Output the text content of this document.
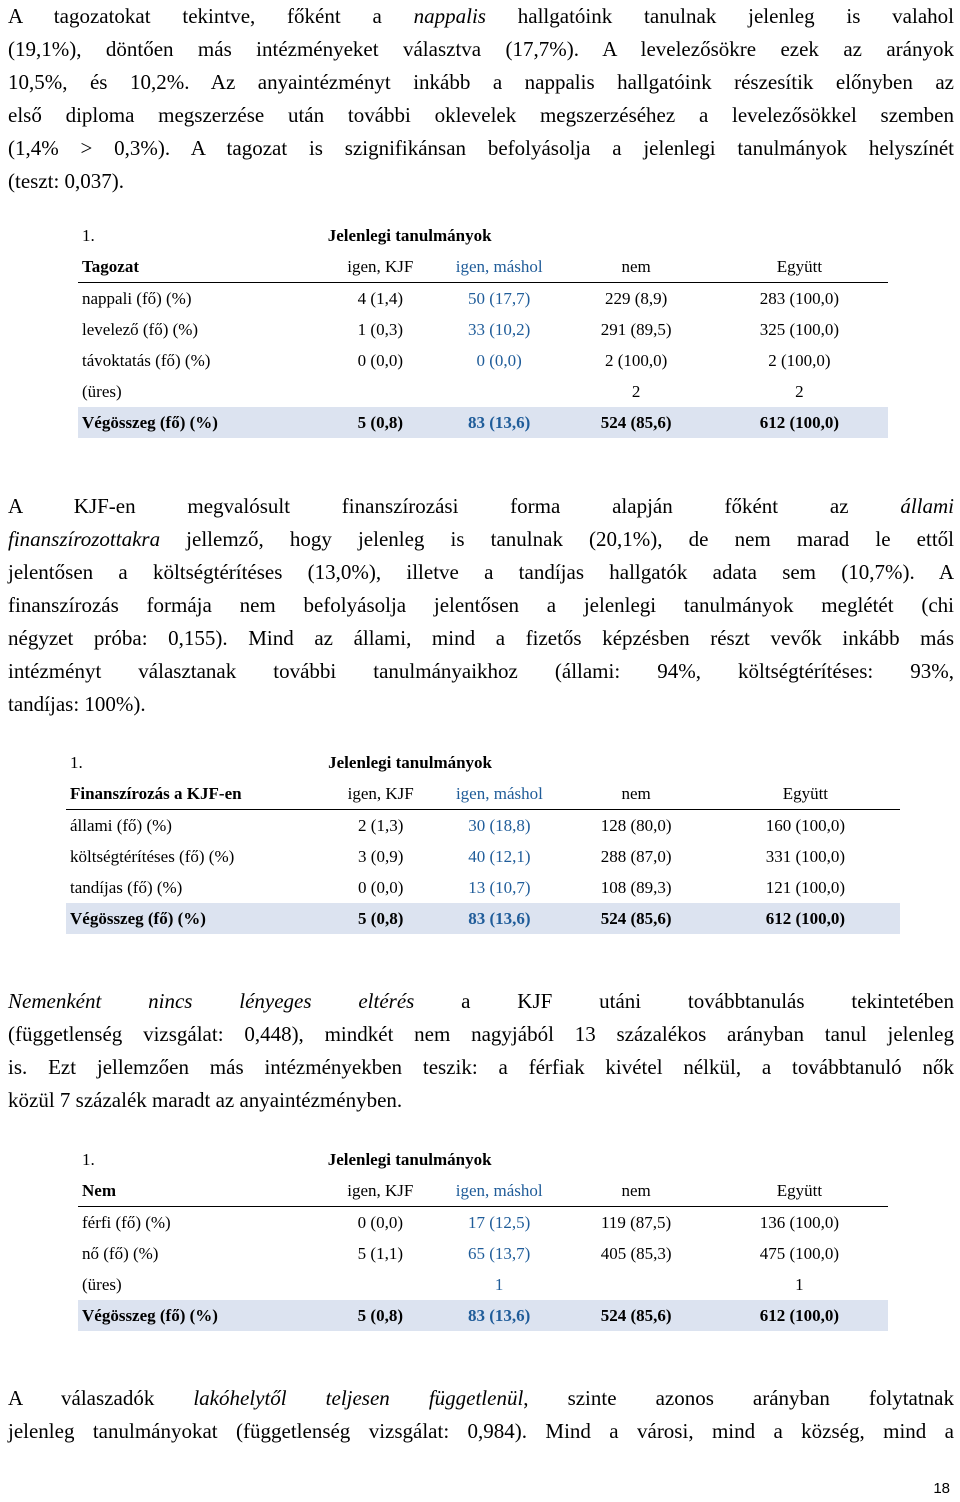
A tagozatokat tekintve, főként a nappalis hallgatóink tanulnak jelenleg is valahol
(19,1%), döntően más intézményeket választva (17,7%). A levelezősökre ezek az arányok
10,5%, és 10,2%. Az anyaintézményt inkább a nappalis hallgatóink részesítik előnyben az
első diploma megszerzése után további oklevelek megszerzéséhez a levelezősökkel szemben
(1,4% > 0,3%). A tagozat is szignifikánsan befolyásolja a jelenlegi tanulmányok helyszínét
(teszt: 0,037).
1.	Jelenlegi tanulmányok			
Tagozat	igen, KJF	igen, máshol	nem	Együtt
nappali (fő) (%)	4 (1,4)	50 (17,7)	229 (8,9)	283 (100,0)
levelező (fő) (%)	1 (0,3)	33 (10,2)	291 (89,5)	325 (100,0)
távoktatás (fő) (%)	0 (0,0)	0 (0,0)	2 (100,0)	2 (100,0)
(üres)			2	2
Végösszeg (fő) (%)	5 (0,8)	83 (13,6)	524 (85,6)	612 (100,0)
A KJF-en megvalósult finanszírozási forma alapján főként az állami
finanszírozottakra jellemző, hogy jelenleg is tanulnak (20,1%), de nem marad le ettől
jelentősen a költségtérítéses (13,0%), illetve a tandíjas hallgatók adata sem (10,7%). A
finanszírozás formája nem befolyásolja jelentősen a jelenlegi tanulmányok meglétét (chi
négyzet próba: 0,155). Mind az állami, mind a fizetős képzésben részt vevők inkább más
intézményt választanak további tanulmányaikhoz (állami: 94%, költségtérítéses: 93%,
tandíjas: 100%).
1.	Jelenlegi tanulmányok			
Finanszírozás a KJF-en	igen, KJF	igen, máshol	nem	Együtt
állami (fő) (%)	2 (1,3)	30 (18,8)	128 (80,0)	160 (100,0)
költségtérítéses (fő) (%)	3 (0,9)	40 (12,1)	288 (87,0)	331 (100,0)
tandíjas (fő) (%)	0 (0,0)	13 (10,7)	108 (89,3)	121 (100,0)
Végösszeg (fő) (%)	5 (0,8)	83 (13,6)	524 (85,6)	612 (100,0)
Nemenként nincs lényeges eltérés a KJF utáni továbbtanulás tekintetében
(függetlenség vizsgálat: 0,448), mindkét nem nagyjából 13 százalékos arányban tanul jelenleg
is. Ezt jellemzően más intézményekben teszik: a férfiak kivétel nélkül, a továbbtanuló nők
közül 7 százalék maradt az anyaintézményben.
1.	Jelenlegi tanulmányok			
Nem	igen, KJF	igen, máshol	nem	Együtt
férfi (fő) (%)	0 (0,0)	17 (12,5)	119 (87,5)	136 (100,0)
nő (fő) (%)	5 (1,1)	65 (13,7)	405 (85,3)	475 (100,0)
(üres)		1		1
Végösszeg (fő) (%)	5 (0,8)	83 (13,6)	524 (85,6)	612 (100,0)
A válaszadók lakóhelytől teljesen függetlenül, szinte azonos arányban folytatnak
jelenleg tanulmányokat (függetlenség vizsgálat: 0,984). Mind a városi, mind a község, mind a
18
